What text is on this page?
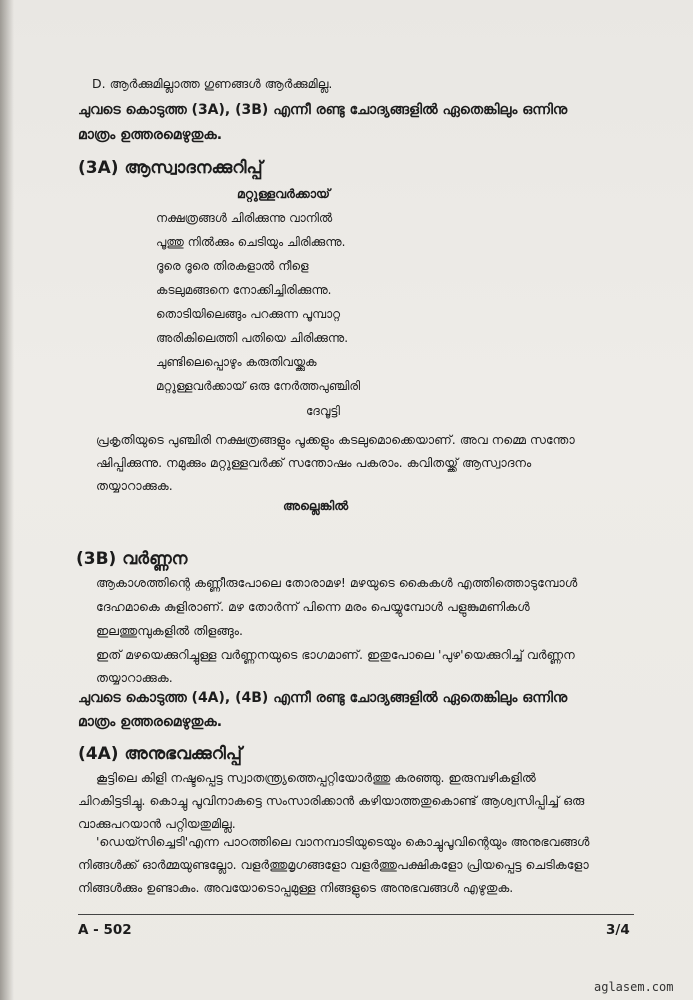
D. ആർക്കുമില്ലാത്ത ഗുണങ്ങൾ ആർക്കുമില്ല.
ചുവടെ കൊടുത്ത (3A), (3B) എന്നീ രണ്ടു ചോദ്യങ്ങളിൽ ഏതെങ്കിലും ഒന്നിനു
മാത്രം ഉത്തരമെഴുതുക.
(3A) ആസ്വാദനക്കുറിപ്പ്
മറ്റുള്ളവർക്കായ്
നക്ഷത്രങ്ങൾ ചിരിക്കുന്നു വാനിൽ
പൂത്തു നിൽക്കും ചെടിയും ചിരിക്കുന്നു.
ദൂരെ ദൂരെ തിരകളാൽ നീളെ
കടലുമങ്ങനെ നോക്കിച്ചിരിക്കുന്നു.
തൊടിയിലെങ്ങും പറക്കുന്ന പൂമ്പാറ്റ
അരികിലെത്തി പതിയെ ചിരിക്കുന്നു.
ചുണ്ടിലെപ്പൊഴും കരുതിവയ്ക്കുക
മറ്റുള്ളവർക്കായ് ഒരു നേർത്തപുഞ്ചിരി
ദേവൂട്ടി
പ്രകൃതിയുടെ പുഞ്ചിരി നക്ഷത്രങ്ങളും പൂക്കളും കടലുമൊക്കെയാണ്. അവ നമ്മെ സന്തോ
ഷിപ്പിക്കുന്നു. നമുക്കും മറ്റുള്ളവർക്ക് സന്തോഷം പകരാം. കവിതയ്ക്ക് ആസ്വാദനം
തയ്യാറാക്കുക.
അല്ലെങ്കിൽ
(3B) വർണ്ണന
ആകാശത്തിന്റെ കണ്ണീരുപോലെ തോരാമഴ! മഴയുടെ കൈകൾ എത്തിത്തൊടുമ്പോൾ
ദേഹമാകെ കുളിരാണ്. മഴ തോർന്ന് പിന്നെ മരം പെയ്യുമ്പോൾ പളുങ്കുമണികൾ
ഇലത്തുമ്പുകളിൽ തിളങ്ങും.
ഇത് മഴയെക്കുറിച്ചുള്ള വർണ്ണനയുടെ ഭാഗമാണ്. ഇതുപോലെ 'പുഴ'യെക്കുറിച്ച് വർണ്ണന
തയ്യാറാക്കുക.
ചുവടെ കൊടുത്ത (4A), (4B) എന്നീ രണ്ടു ചോദ്യങ്ങളിൽ ഏതെങ്കിലും ഒന്നിനു
മാത്രം ഉത്തരമെഴുതുക.
(4A) അനുഭവക്കുറിപ്പ്
കൂട്ടിലെ കിളി നഷ്ടപ്പെട്ട സ്വാതന്ത്ര്യത്തെപ്പറ്റിയോർത്തു കരഞ്ഞു. ഇരുമ്പഴികളിൽ
ചിറകിട്ടടിച്ചു. കൊച്ചു പൂവിനാകട്ടെ സംസാരിക്കാൻ കഴിയാത്തതുകൊണ്ട് ആശ്വസിപ്പിച്ച് ഒരു
വാക്കുപറയാൻ പറ്റിയതുമില്ല.
'ഡെയ്സിച്ചെടി'എന്ന പാഠത്തിലെ വാനമ്പാടിയുടെയും കൊച്ചുപൂവിന്റെയും അനുഭവങ്ങൾ
നിങ്ങൾക്ക് ഓർമ്മയുണ്ടല്ലോ. വളർത്തുമൃഗങ്ങളോ വളർത്തുപക്ഷികളോ പ്രിയപ്പെട്ട ചെടികളോ
നിങ്ങൾക്കും ഉണ്ടാകും. അവയോടൊപ്പമുള്ള നിങ്ങളുടെ അനുഭവങ്ങൾ എഴുതുക.
A - 502	3/4
aglasem.com
